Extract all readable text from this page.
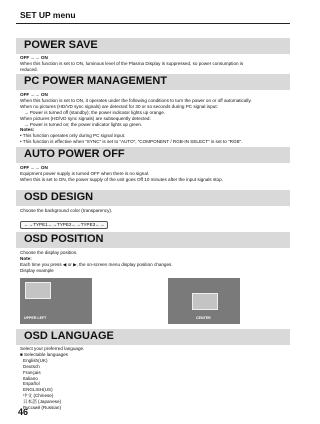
SET UP menu
POWER SAVE
OFF ←→ ON
When this function is set to ON, luminous level of the Plasma Display is suppressed, so power consumption is
reduced.
PC POWER MANAGEMENT
OFF ←→ ON
When this function is set to ON, it operates under the following conditions to turn the power on or off automatically.
When no pictures (HD/VD sync signals) are detected for 30 or so seconds during PC signal input:
→ Power is turned off (standby); the power indicator lights up orange.
When pictures (HD/VD sync signals) are subsequently detected:
→ Power is turned on; the power indicator lights up green.
Notes:
• This function operates only during PC signal input.
• This function is effective when “SYNC” is set to “AUTO”, “COMPONENT / RGB-IN SELECT” is set to “RGB”.
AUTO POWER OFF
OFF ←→ ON
Equipment power supply is turned OFF when there is no signal.
When this is set to ON, the power supply of the unit goes Off 10 minutes after the input signals stop.
OSD DESIGN
Choose the background color (transparency).
←→TYPE1←→TYPE2←→TYPE3←→
OSD POSITION
Choose the display position.
Note:
Each time you press ◀ or ▶, the on-screen menu display position changes.
Display example
UPPER LEFT	CENTER
OSD LANGUAGE
Select your preferred language.
■ Selectable languages
English(UK)
Deutsch
Français
Italiano
Español
ENGLISH(US)
中文 (Chinese)
日本語 (Japanese)
Русский (Russian)
46
